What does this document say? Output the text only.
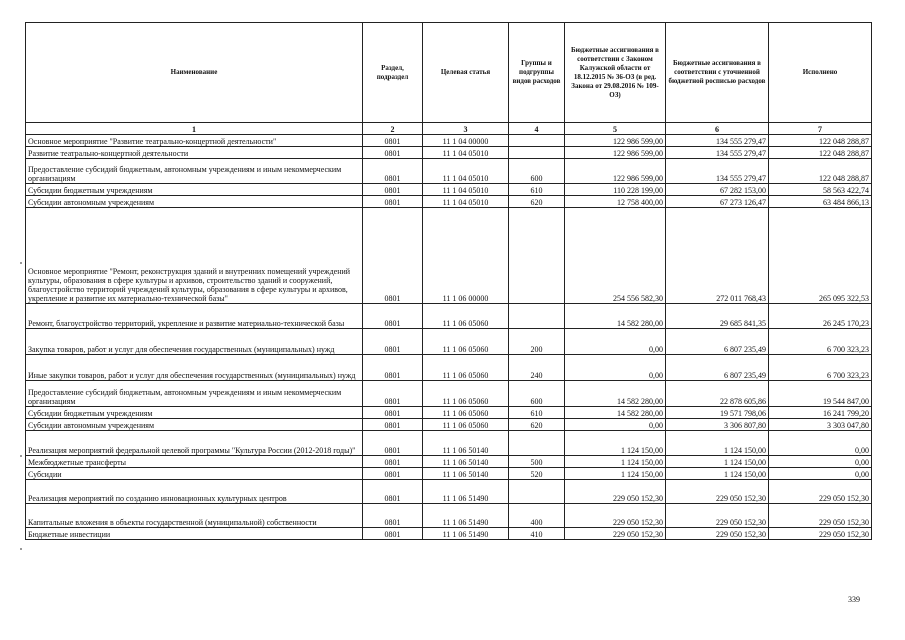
Наименование	Раздел, подраздел	Целевая статья	Группы и подгруппы видов расходов	Бюджетные ассигнования в соответствии с Законом Калужской области от 18.12.2015 № 36-ОЗ (в ред. Закона от 29.08.2016 № 109-ОЗ)	Бюджетные ассигнования в соответствии с уточненной бюджетной росписью расходов	Исполнено
1	2	3	4	5	6	7
Основное мероприятие "Развитие театрально-концертной деятельности"	0801	11 1 04 00000		122 986 599,00	134 555 279,47	122 048 288,87
Развитие театрально-концертной деятельности	0801	11 1 04 05010		122 986 599,00	134 555 279,47	122 048 288,87
Предоставление субсидий бюджетным, автономным учреждениям и иным некоммерческим организациям	0801	11 1 04 05010	600	122 986 599,00	134 555 279,47	122 048 288,87
Субсидии бюджетным учреждениям	0801	11 1 04 05010	610	110 228 199,00	67 282 153,00	58 563 422,74
Субсидии автономным учреждениям	0801	11 1 04 05010	620	12 758 400,00	67 273 126,47	63 484 866,13
Основное мероприятие "Ремонт, реконструкция зданий и внутренних помещений учреждений культуры, образования в сфере культуры и архивов, строительство зданий и сооружений, благоустройство территорий учреждений культуры, образования в сфере культуры и архивов, укрепление и развитие их материально-технической базы"	0801	11 1 06 00000		254 556 582,30	272 011 768,43	265 095 322,53
Ремонт, благоустройство территорий, укрепление и развитие материально-технической базы	0801	11 1 06 05060		14 582 280,00	29 685 841,35	26 245 170,23
Закупка товаров, работ и услуг для обеспечения государственных (муниципальных) нужд	0801	11 1 06 05060	200	0,00	6 807 235,49	6 700 323,23
Иные закупки товаров, работ и услуг для обеспечения государственных (муниципальных) нужд	0801	11 1 06 05060	240	0,00	6 807 235,49	6 700 323,23
Предоставление субсидий бюджетным, автономным учреждениям и иным некоммерческим организациям	0801	11 1 06 05060	600	14 582 280,00	22 878 605,86	19 544 847,00
Субсидии бюджетным учреждениям	0801	11 1 06 05060	610	14 582 280,00	19 571 798,06	16 241 799,20
Субсидии автономным учреждениям	0801	11 1 06 05060	620	0,00	3 306 807,80	3 303 047,80
Реализация мероприятий федеральной целевой программы "Культура России (2012-2018 годы)"	0801	11 1 06 50140		1 124 150,00	1 124 150,00	0,00
Межбюджетные трансферты	0801	11 1 06 50140	500	1 124 150,00	1 124 150,00	0,00
Субсидии	0801	11 1 06 50140	520	1 124 150,00	1 124 150,00	0,00
Реализация мероприятий по созданию инновационных культурных центров	0801	11 1 06 51490		229 050 152,30	229 050 152,30	229 050 152,30
Капитальные вложения в объекты государственной (муниципальной) собственности	0801	11 1 06 51490	400	229 050 152,30	229 050 152,30	229 050 152,30
Бюджетные инвестиции	0801	11 1 06 51490	410	229 050 152,30	229 050 152,30	229 050 152,30
339
